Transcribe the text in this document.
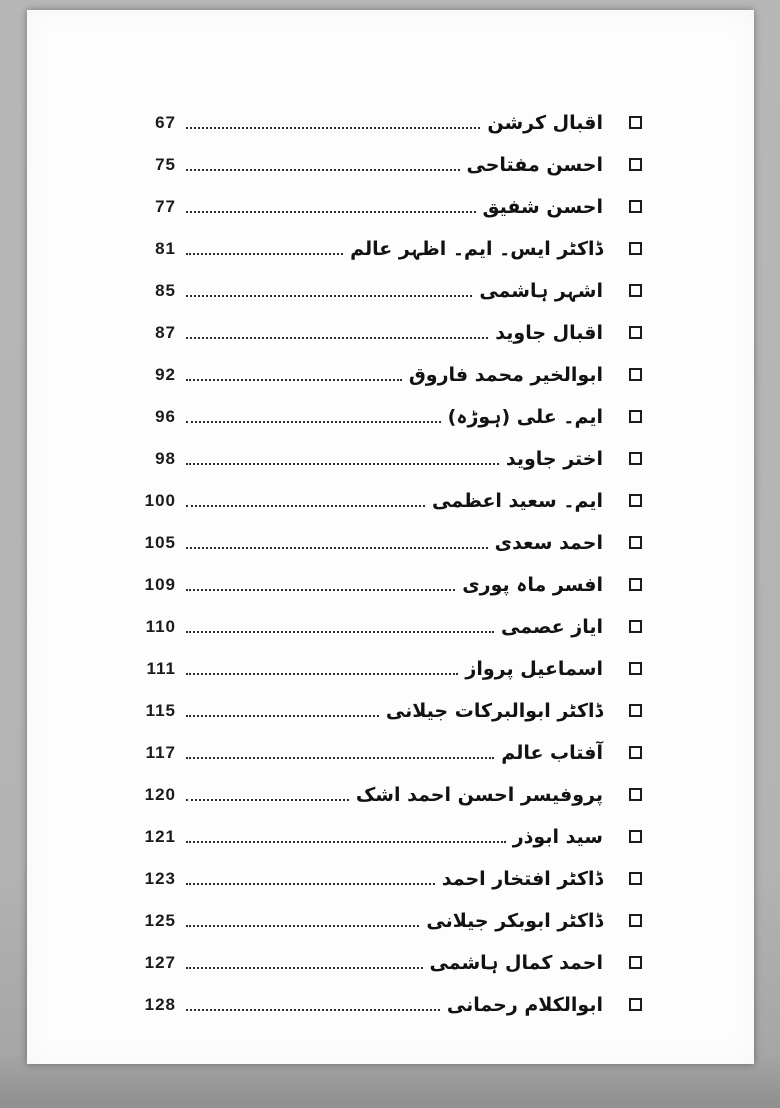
67	اقبال کرشن
75	احسن مفتاحی
77	احسن شفیق
81	ڈاکٹر ایس۔ ایم۔ اظہر عالم
85	اشہر ہاشمی
87	اقبال جاوید
92	ابوالخیر محمد فاروق
96	ایم۔ علی (ہوڑہ)
98	اختر جاوید
100	ایم۔ سعید اعظمی
105	احمد سعدی
109	افسر ماہ پوری
110	ایاز عصمی
111	اسماعیل پرواز
115	ڈاکٹر ابوالبرکات جیلانی
117	آفتاب عالم
120	پروفیسر احسن احمد اشک
121	سید ابوذر
123	ڈاکٹر افتخار احمد
125	ڈاکٹر ابوبکر جیلانی
127	احمد کمال ہاشمی
128	ابوالکلام رحمانی
